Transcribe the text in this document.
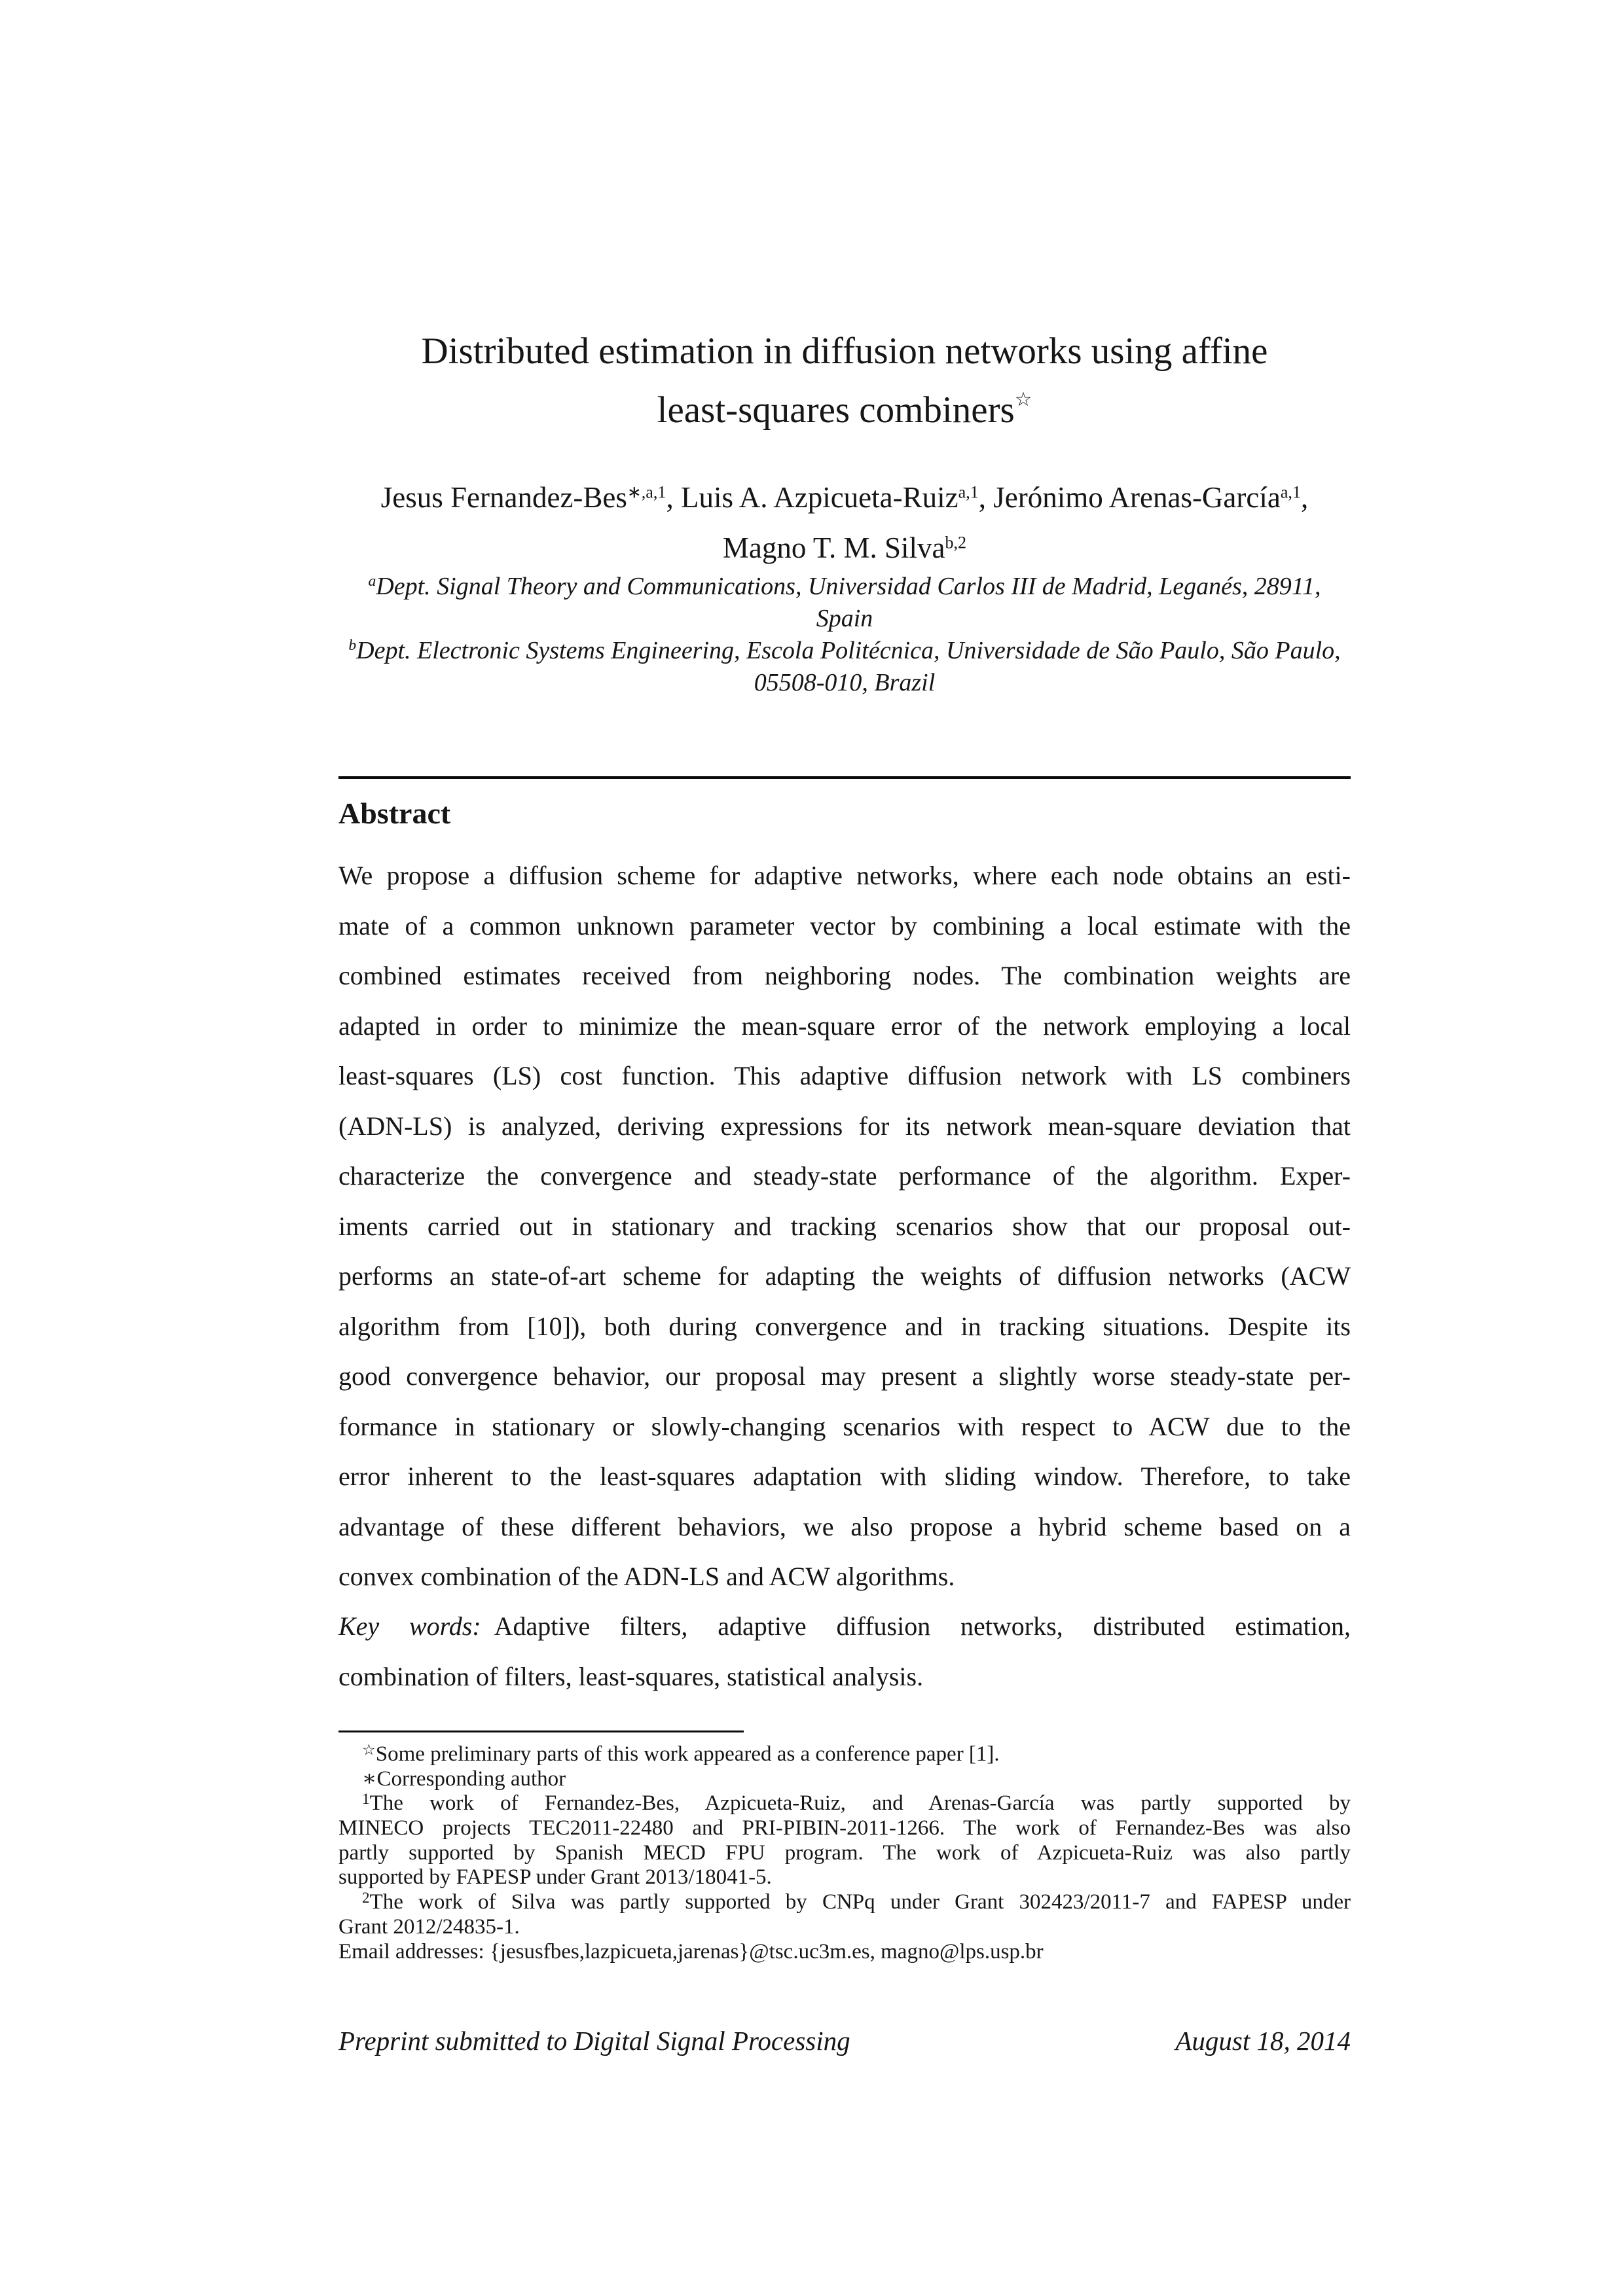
Distributed estimation in diffusion networks using affine
least-squares combiners☆
Jesus Fernandez-Bes$^{∗,a,1}$, Luis A. Azpicueta-Ruiz$^{a,1}$, Jerónimo Arenas-García$^{a,1}$,
Magno T. M. Silva$^{b,2}$
$^a$Dept. Signal Theory and Communications, Universidad Carlos III de Madrid, Leganés, 28911,
Spain
$^b$Dept. Electronic Systems Engineering, Escola Politécnica, Universidade de São Paulo, São Paulo,
05508-010, Brazil
Abstract
We propose a diffusion scheme for adaptive networks, where each node obtains an esti-
mate of a common unknown parameter vector by combining a local estimate with the
combined estimates received from neighboring nodes. The combination weights are
adapted in order to minimize the mean-square error of the network employing a local
least-squares (LS) cost function. This adaptive diffusion network with LS combiners
(ADN-LS) is analyzed, deriving expressions for its network mean-square deviation that
characterize the convergence and steady-state performance of the algorithm. Exper-
iments carried out in stationary and tracking scenarios show that our proposal out-
performs an state-of-art scheme for adapting the weights of diffusion networks (ACW
algorithm from [10]), both during convergence and in tracking situations. Despite its
good convergence behavior, our proposal may present a slightly worse steady-state per-
formance in stationary or slowly-changing scenarios with respect to ACW due to the
error inherent to the least-squares adaptation with sliding window. Therefore, to take
advantage of these different behaviors, we also propose a hybrid scheme based on a
convex combination of the ADN-LS and ACW algorithms.
Key words:  Adaptive filters, adaptive diffusion networks, distributed estimation,
combination of filters, least-squares, statistical analysis.
☆Some preliminary parts of this work appeared as a conference paper [1].
∗Corresponding author
$^1$The work of Fernandez-Bes, Azpicueta-Ruiz, and Arenas-García was partly supported by
MINECO projects TEC2011-22480 and PRI-PIBIN-2011-1266. The work of Fernandez-Bes was also
partly supported by Spanish MECD FPU program. The work of Azpicueta-Ruiz was also partly
supported by FAPESP under Grant 2013/18041-5.
$^2$The work of Silva was partly supported by CNPq under Grant 302423/2011-7 and FAPESP under
Grant 2012/24835-1.
Email addresses: {jesusfbes,lazpicueta,jarenas}@tsc.uc3m.es, magno@lps.usp.br
Preprint submitted to Digital Signal Processing	August 18, 2014
